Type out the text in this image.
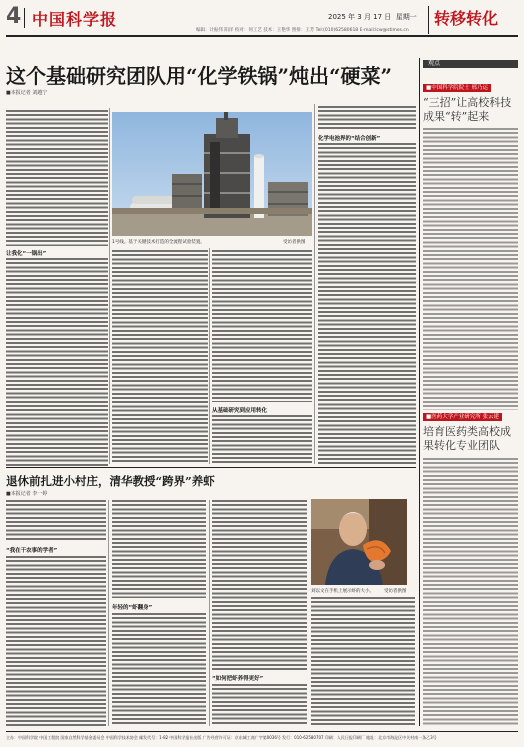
4 中国科学报	2025 年 3 月 17 日 星期一
编辑：计振伟 阳洋 校对：何工艺 技术：王艳华 照排：王芳 Tel:(010)62580618 E-mail:lcw@stimes.cn
转移转化
这个基础研究团队用“化学铁锅”炖出“硬菜”
■本报记者 刘越宁
让我化“一锅出”
1号线。基于关键技术打造的全流程试验装置。	受访者供图
从基础研究到应用转化
化学电池界的“结合创新”
退休前扎进小村庄，清华教授“跨界”养虾
■本报记者 李一婷
“我在干农事的学者”
年轻的“虾翻身”
“如何把虾养得更好”
刘以文在手机上展示虾的大小。 受访者供图
观点
■中国科学院院士 邢乃运
“三招”让高校科技成果“转”起来
■医药大学产业研究所 张云建
培育医药类高校成果转化专业团队
主办：中国科学院 中国工程院 国家自然科学基金委员会 中国科学技术协会 邮发代号：1-82 中国科学报社出版 广告经营许可证：京东城工商广字第0036号 发行：010-62580707 印刷：人民日报印刷厂 地址：北京市海淀区中关村南一条乙3号
